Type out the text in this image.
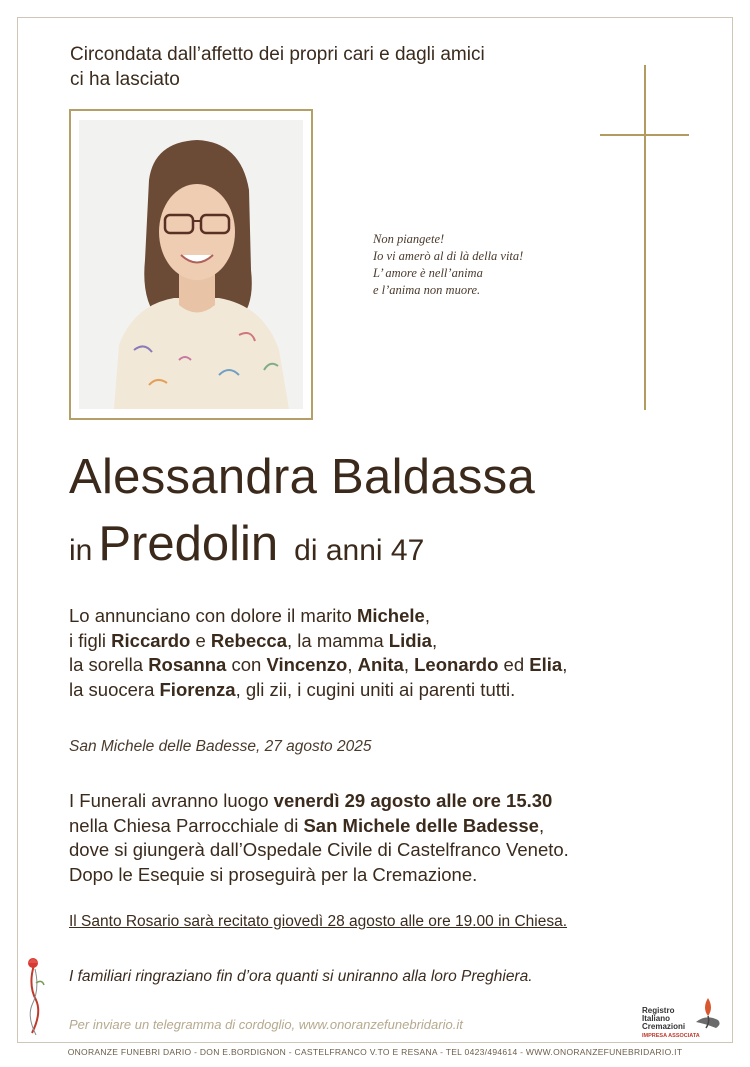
Circondata dall’affetto dei propri cari e dagli amici
ci ha lasciato
Non piangete!
Io vi amerò al di là della vita!
L’ amore è nell’anima
e l’anima non muore.
Alessandra Baldassa
in Predolin di anni 47
Lo annunciano con dolore il marito Michele,
i figli Riccardo e Rebecca, la mamma Lidia,
la sorella Rosanna con Vincenzo, Anita, Leonardo ed Elia,
la suocera Fiorenza, gli zii, i cugini uniti ai parenti tutti.
San Michele delle Badesse, 27 agosto 2025
I Funerali avranno luogo venerdì 29 agosto alle ore 15.30
nella Chiesa Parrocchiale di San Michele delle Badesse,
dove si giungerà dall’Ospedale Civile di Castelfranco Veneto.
Dopo le Esequie si proseguirà per la Cremazione.
Il Santo Rosario sarà recitato giovedì 28 agosto alle ore 19.00 in Chiesa.
I familiari ringraziano fin d’ora quanti si uniranno alla loro Preghiera.
Per inviare un telegramma di cordoglio, www.onoranzefunebridario.it
Registro
Italiano
Cremazioni
IMPRESA ASSOCIATA
ONORANZE FUNEBRI DARIO - DON E.BORDIGNON - CASTELFRANCO V.TO E RESANA - TEL 0423/494614 - WWW.ONORANZEFUNEBRIDARIO.IT
